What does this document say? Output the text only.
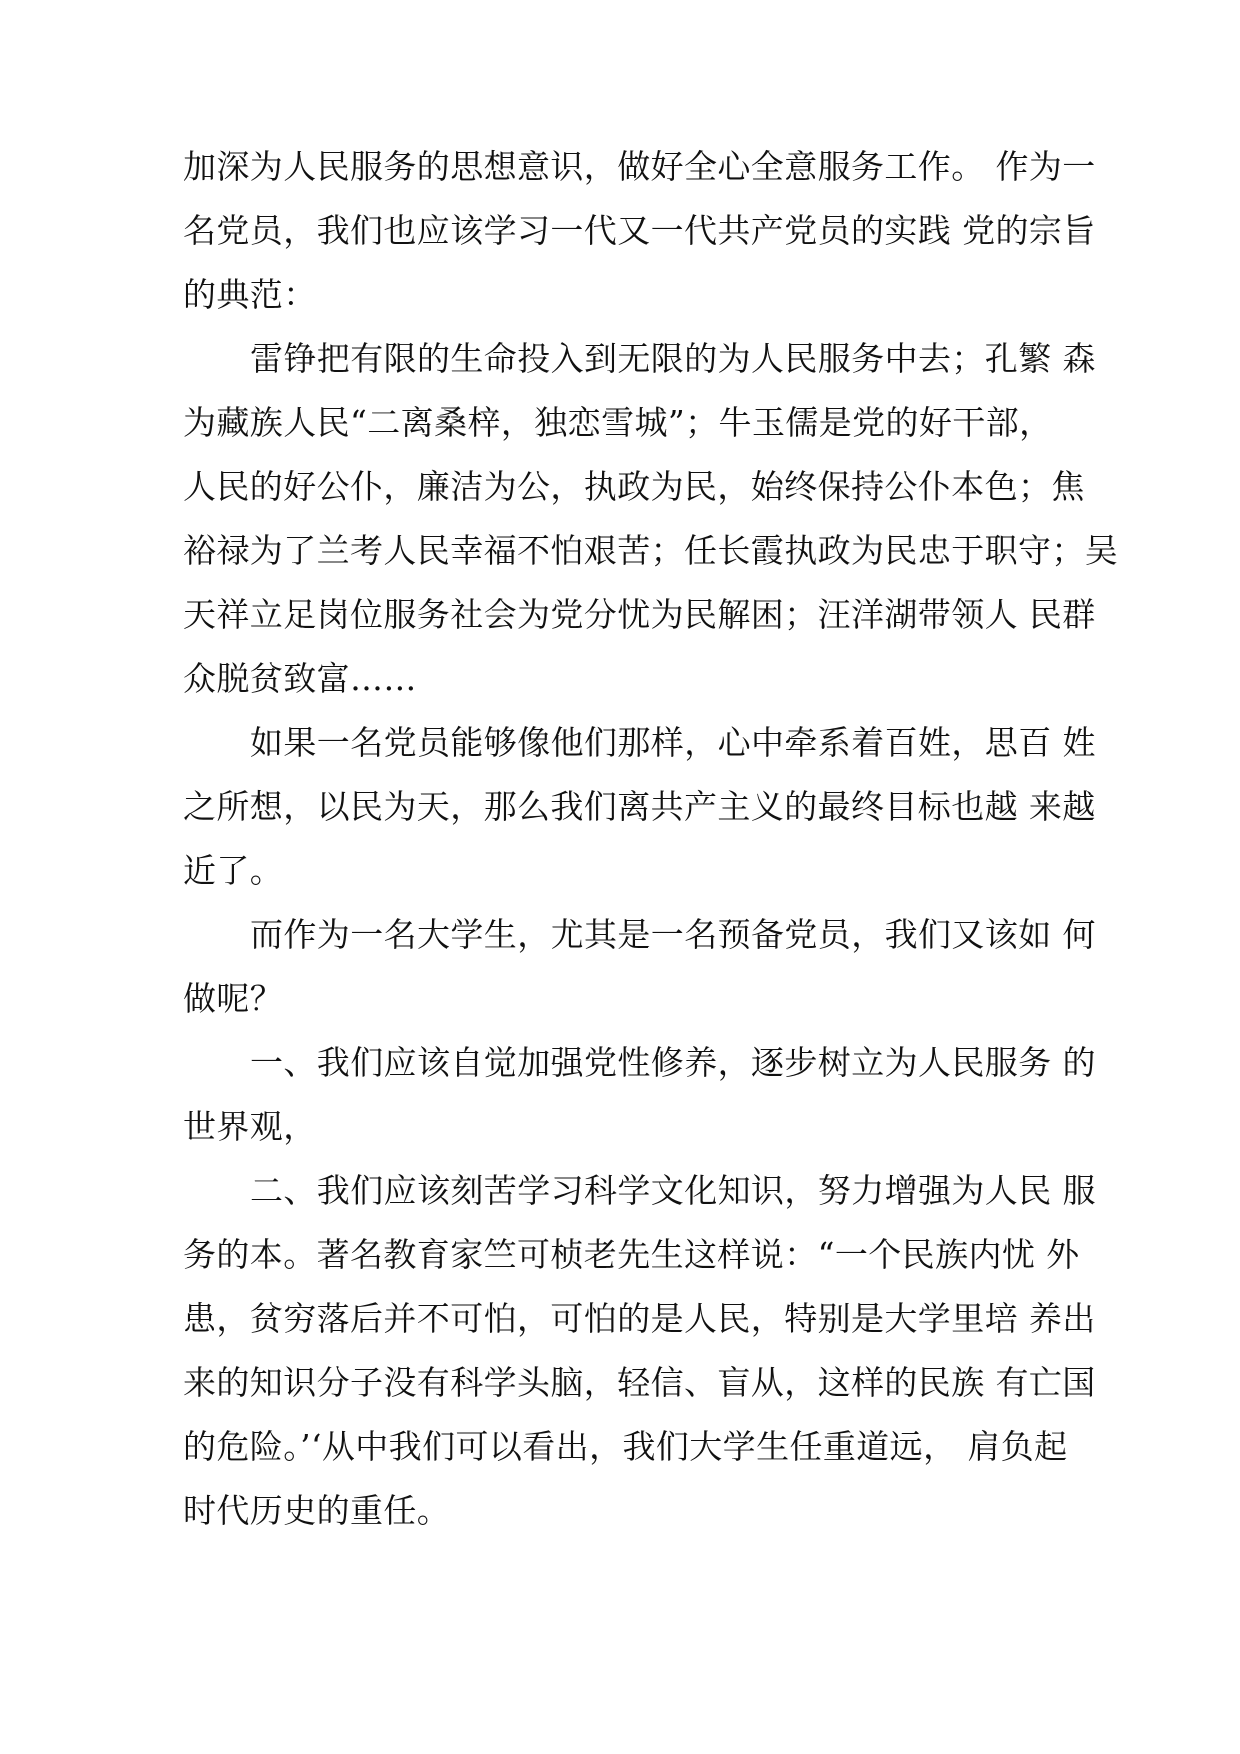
加深为人民服务的思想意识，做好全心全意服务工作。 作为一
名党员，我们也应该学习一代又一代共产党员的实践 党的宗旨
的典范：
雷铮把有限的生命投入到无限的为人民服务中去；孔繁 森
为藏族人民“二离桑梓，独恋雪城”；牛玉儒是党的好干部，
人民的好公仆，廉洁为公，执政为民，始终保持公仆本色；焦
裕禄为了兰考人民幸福不怕艰苦；任长霞执政为民忠于职守；吴
天祥立足岗位服务社会为党分忧为民解困；汪洋湖带领人 民群
众脱贫致富……
如果一名党员能够像他们那样，心中牵系着百姓，思百 姓
之所想，以民为天，那么我们离共产主义的最终目标也越 来越
近了。
而作为一名大学生，尤其是一名预备党员，我们又该如 何
做呢？
一、我们应该自觉加强党性修养，逐步树立为人民服务 的
世界观，
二、我们应该刻苦学习科学文化知识，努力增强为人民 服
务的本。著名教育家竺可桢老先生这样说：“一个民族内忧 外
患，贫穷落后并不可怕，可怕的是人民，特别是大学里培 养出
来的知识分子没有科学头脑，轻信、盲从，这样的民族 有亡国
的危险。’‘从中我们可以看出，我们大学生任重道远， 肩负起
时代历史的重任。
